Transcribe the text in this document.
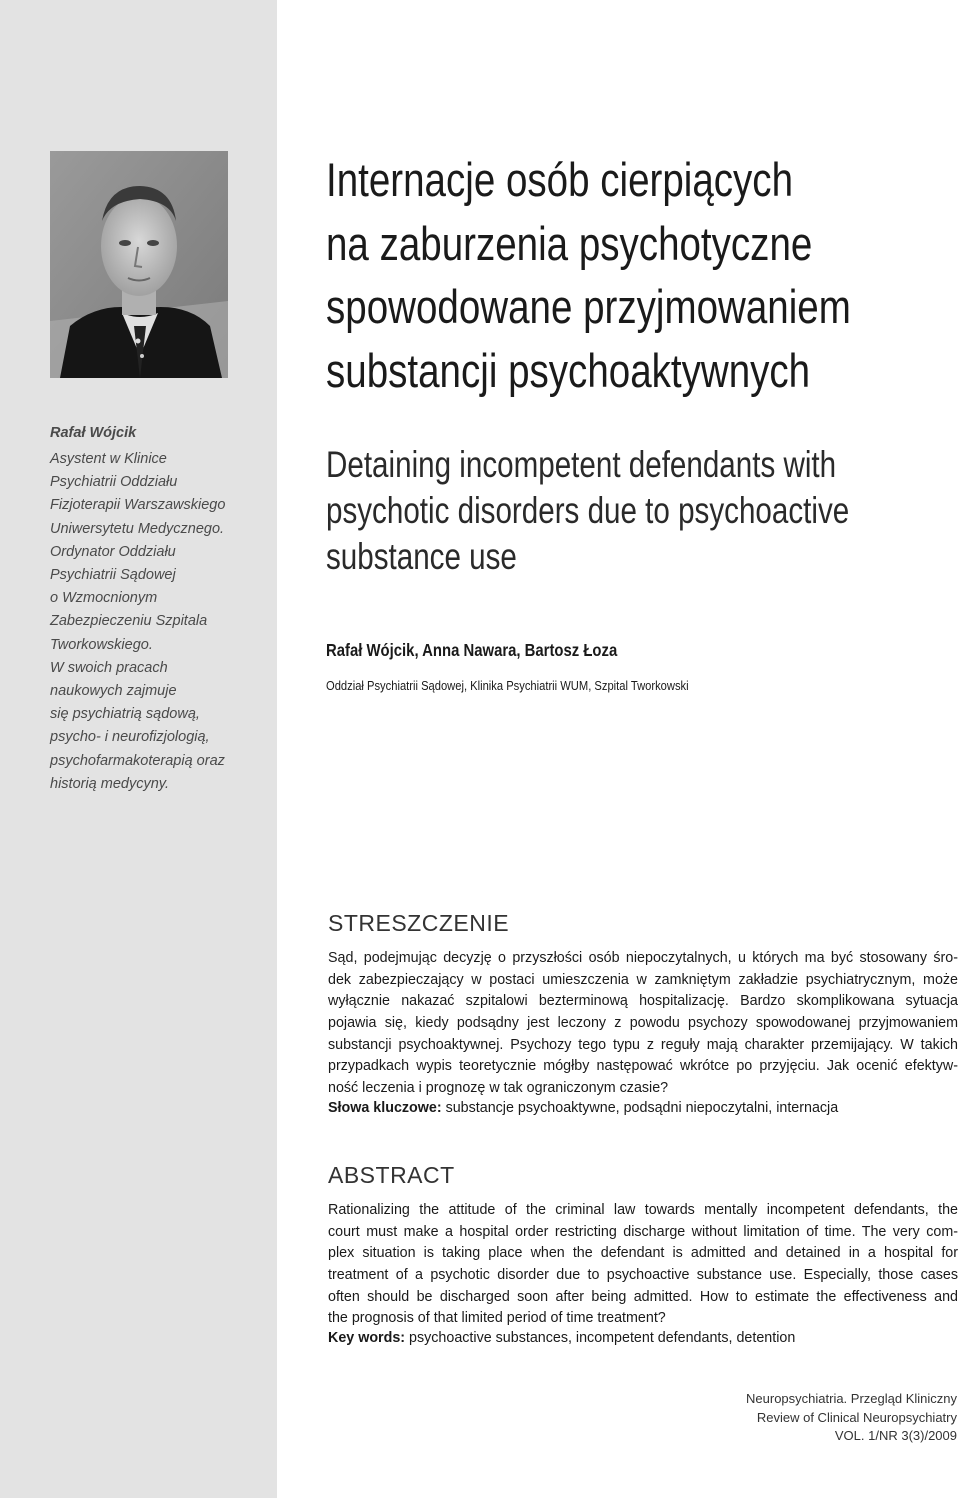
Rafał Wójcik
Asystent w Klinice
Psychiatrii Oddziału
Fizjoterapii Warszawskiego
Uniwersytetu Medycznego.
Ordynator Oddziału
Psychiatrii Sądowej
o Wzmocnionym
Zabezpieczeniu Szpitala
Tworkowskiego.
W swoich pracach
naukowych zajmuje
się psychiatrią sądową,
psycho- i neurofizjologią,
psychofarmakoterapią oraz
historią medycyny.
Internacje osób cierpiących
na zaburzenia psychotyczne
spowodowane przyjmowaniem
substancji psychoaktywnych
Detaining incompetent defendants with
psychotic disorders due to psychoactive
substance use
Rafał Wójcik, Anna Nawara, Bartosz Łoza
Oddział Psychiatrii Sądowej, Klinika Psychiatrii WUM, Szpital Tworkowski
STRESZCZENIE
Sąd, podejmując decyzję o przyszłości osób niepoczytalnych, u których ma być stosowany śro-
dek zabezpieczający w postaci umieszczenia w zamkniętym zakładzie psychiatrycznym, może
wyłącznie nakazać szpitalowi bezterminową hospitalizację. Bardzo skomplikowana sytuacja
pojawia się, kiedy podsądny jest leczony z powodu psychozy spowodowanej przyjmowaniem
substancji psychoaktywnej. Psychozy tego typu z reguły mają charakter przemijający. W takich
przypadkach wypis teoretycznie mógłby następować wkrótce po przyjęciu. Jak ocenić efektyw-
ność leczenia i prognozę w tak ograniczonym czasie?
Słowa kluczowe: substancje psychoaktywne, podsądni niepoczytalni, internacja
ABSTRACT
Rationalizing the attitude of the criminal law towards mentally incompetent defendants, the
court must make a hospital order restricting discharge without limitation of time. The very com-
plex situation is taking place when the defendant is admitted and detained in a hospital for
treatment of a psychotic disorder due to psychoactive substance use. Especially, those cases
often should be discharged soon after being admitted. How to estimate the effectiveness and
the prognosis of that limited period of time treatment?
Key words: psychoactive substances, incompetent defendants, detention
Neuropsychiatria. Przegląd Kliniczny
Review of Clinical Neuropsychiatry
VOL. 1/NR 3(3)/2009
